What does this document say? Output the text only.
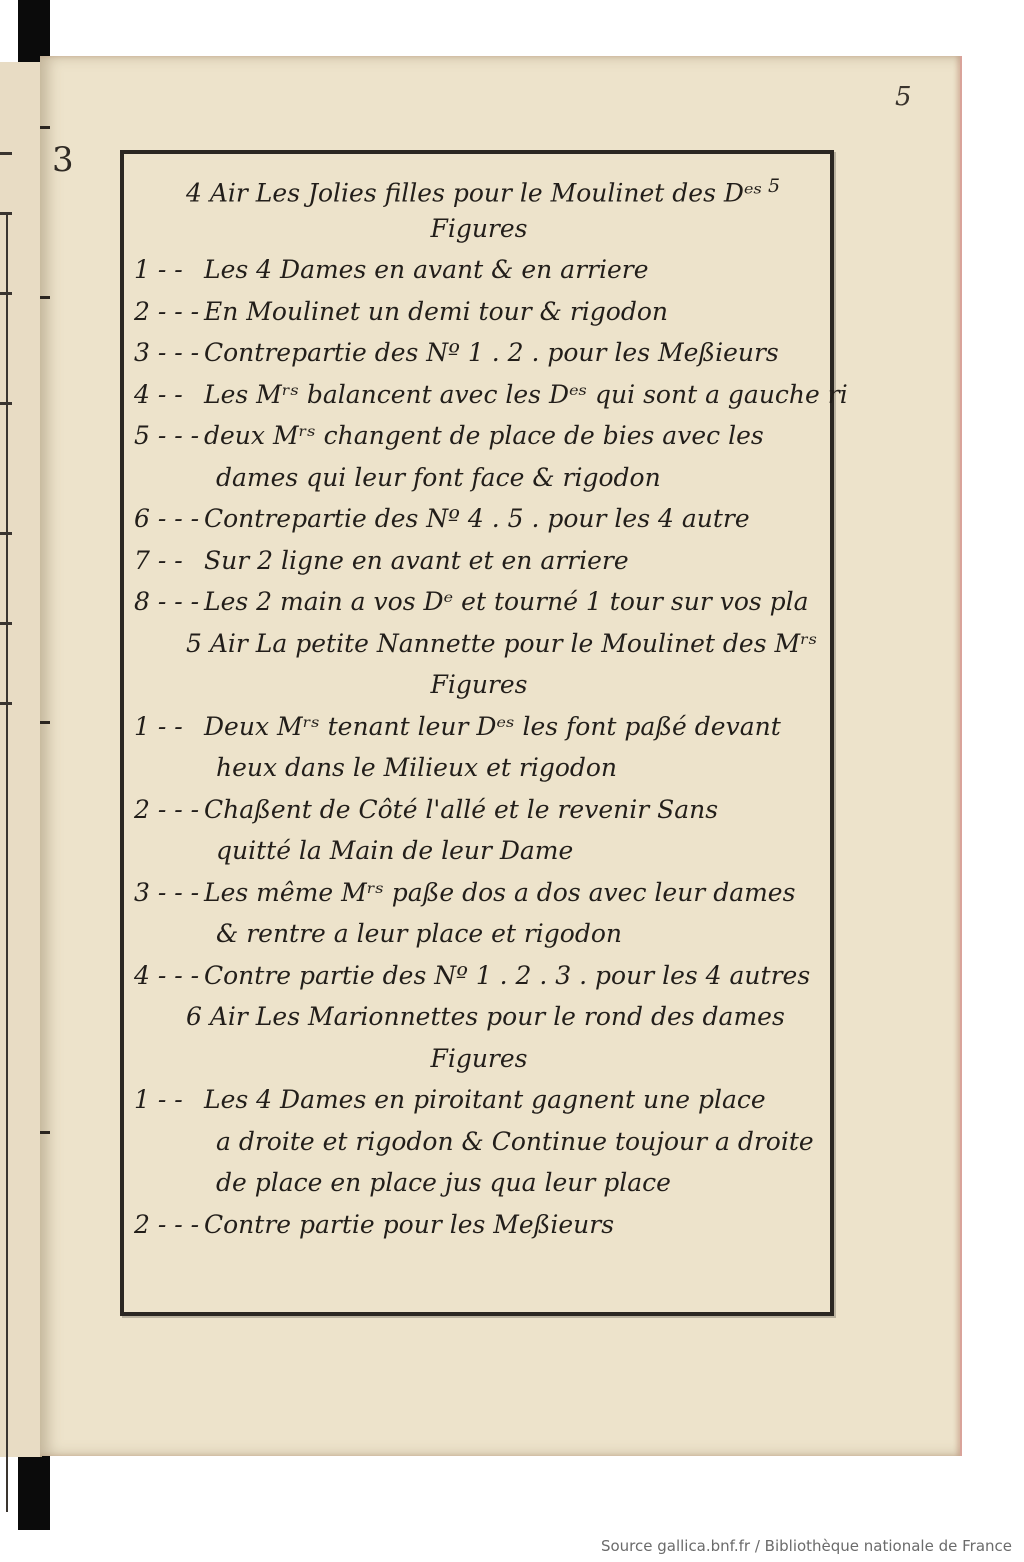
5
3
4 Air Les Jolies filles pour le Moulinet des Dᵉˢ $^5$
Figures
1 - - Les 4 Dames en avant & en arriere
2 - - - En Moulinet un demi tour & rigodon
3 - - - Contrepartie des Nº 1 . 2 . pour les Meßieurs
4 - - Les Mʳˢ balancent avec les Dᵉˢ qui sont a gauche ri
5 - - - deux Mʳˢ changent de place de bies avec les
dames qui leur font face & rigodon
6 - - - Contrepartie des Nº 4 . 5 . pour les 4 autre
7 - - Sur 2 ligne en avant et en arriere
8 - - - Les 2 main a vos Dᵉ et tourné 1 tour sur vos pla
5 Air La petite Nannette pour le Moulinet des Mʳˢ
Figures
1 - - Deux Mʳˢ tenant leur Dᵉˢ les font paßé devant
heux dans le Milieux et rigodon
2 - - - Chaßent de Côté l'allé et le revenir Sans
quitté la Main de leur Dame
3 - - - Les même Mʳˢ paße dos a dos avec leur dames
& rentre a leur place et rigodon
4 - - - Contre partie des Nº 1 . 2 . 3 . pour les 4 autres
6 Air Les Marionnettes pour le rond des dames
Figures
1 - - Les 4 Dames en piroitant gagnent une place
a droite et rigodon & Continue toujour a droite
de place en place jus qua leur place
2 - - - Contre partie pour les Meßieurs
Source gallica.bnf.fr / Bibliothèque nationale de France
